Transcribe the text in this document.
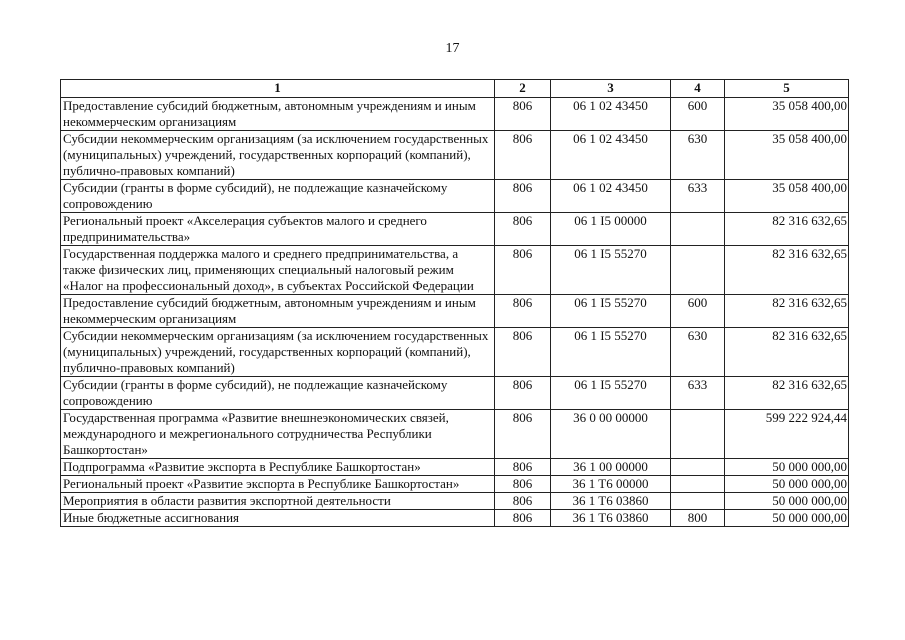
17
1	2	3	4	5
Предоставление субсидий бюджетным, автономным учреждениям и иным некоммерческим организациям	806	06 1 02 43450	600	35 058 400,00
Субсидии некоммерческим организациям (за исключением государственных (муниципальных) учреждений, государственных корпораций (компаний), публично-правовых компаний)	806	06 1 02 43450	630	35 058 400,00
Субсидии (гранты в форме субсидий), не подлежащие казначейскому сопровождению	806	06 1 02 43450	633	35 058 400,00
Региональный проект «Акселерация субъектов малого и среднего предпринимательства»	806	06 1 I5 00000		82 316 632,65
Государственная поддержка малого и среднего предпринимательства, а также физических лиц, применяющих специальный налоговый режим «Налог на профессиональный доход», в субъектах Российской Федерации	806	06 1 I5 55270		82 316 632,65
Предоставление субсидий бюджетным, автономным учреждениям и иным некоммерческим организациям	806	06 1 I5 55270	600	82 316 632,65
Субсидии некоммерческим организациям (за исключением государственных (муниципальных) учреждений, государственных корпораций (компаний), публично-правовых компаний)	806	06 1 I5 55270	630	82 316 632,65
Субсидии (гранты в форме субсидий), не подлежащие казначейскому сопровождению	806	06 1 I5 55270	633	82 316 632,65
Государственная программа «Развитие внешнеэкономических связей, международного и межрегионального сотрудничества Республики Башкортостан»	806	36 0 00 00000		599 222 924,44
Подпрограмма «Развитие экспорта в Республике Башкортостан»	806	36 1 00 00000		50 000 000,00
Региональный проект «Развитие экспорта в Республике Башкортостан»	806	36 1 T6 00000		50 000 000,00
Мероприятия в области развития экспортной деятельности	806	36 1 T6 03860		50 000 000,00
Иные бюджетные ассигнования	806	36 1 T6 03860	800	50 000 000,00
